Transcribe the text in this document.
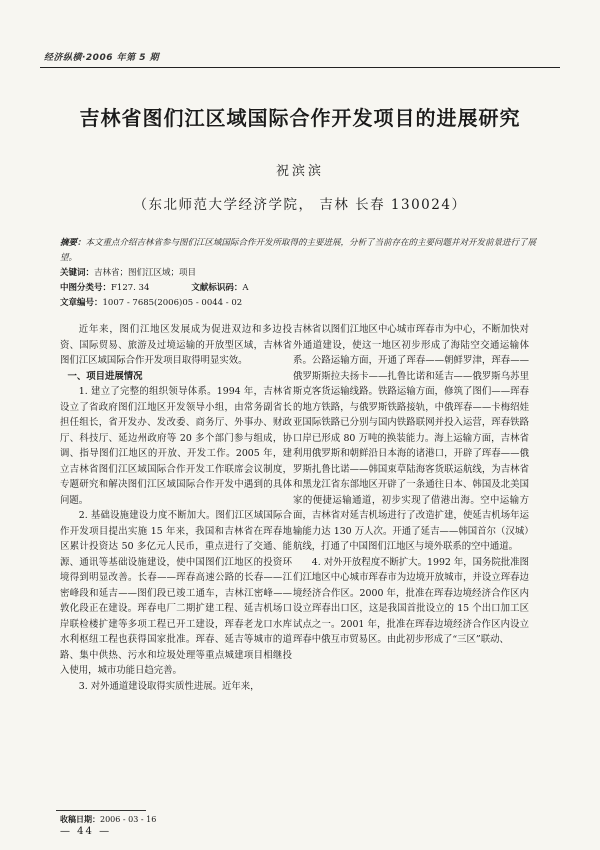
经济纵横·2006 年第 5 期
吉林省图们江区域国际合作开发项目的进展研究
祝滨滨
（东北师范大学经济学院， 吉林 长春 130024）
摘要：本文重点介绍吉林省参与图们江区域国际合作开发所取得的主要进展，分析了当前存在的主要问题并对开发前景进行了展望。
关键词：吉林省；图们江区域；项目
中图分类号：F127. 34	文献标识码：A
文章编号：1007 - 7685(2006)05 - 0044 - 02

近年来，图们江地区发展成为促进双边和多边投资、国际贸易、旅游及过境运输的开放型区域，吉林省图们江区域国际合作开发项目取得明显实效。

一、项目进展情况

1. 建立了完整的组织领导体系。1994 年，吉林省设立了省政府图们江地区开发领导小组，由常务副省长担任组长，省开发办、发改委、商务厅、外事办、财政厅、科技厅、延边州政府等 20 多个部门参与组成，协调、指导图们江地区的开放、开发工作。2005 年，建立吉林省图们江区域国际合作开发工作联席会议制度，专题研究和解决图们江区域国际合作开发中遇到的具体问题。

2. 基础设施建设力度不断加大。图们江区域国际合作开发项目提出实施 15 年来，我国和吉林省在珲春地区累计投资达 50 多亿元人民币，重点进行了交通、能源、通讯等基础设施建设，使中国图们江地区的投资环境得到明显改善。长春——珲春高速公路的长春——江密峰段和延吉——图们段已竣工通车，吉林江密峰——敦化段正在建设。珲春电厂二期扩建工程、延吉机场口岸联检楼扩建等多项工程已开工建设，珲春老龙口水库水利枢纽工程也获得国家批准。珲春、延吉等城市的道路、集中供热、污水和垃圾处理等重点城建项目相继投入使用，城市功能日趋完善。

3. 对外通道建设取得实质性进展。近年来，

吉林省以图们江地区中心城市珲春市为中心，不断加快对外通道建设，使这一地区初步形成了海陆空交通运输体系。公路运输方面，开通了珲春——朝鲜罗津，珲春——俄罗斯斯拉夫扬卡——扎鲁比诺和延吉——俄罗斯乌苏里斯克客货运输线路。铁路运输方面，修筑了图们——珲春的地方铁路，与俄罗斯铁路接轨，中俄珲春——卡梅绍娃亚国际铁路已分别与国内铁路联网并投入运营，珲春铁路口岸已形成 80 万吨的换装能力。海上运输方面，吉林省利用俄罗斯和朝鲜沿日本海的诸港口，开辟了珲春——俄罗斯扎鲁比诺——韩国束草陆海客货联运航线，为吉林省和黑龙江省东部地区开辟了一条通往日本、韩国及北美国家的便捷运输通道，初步实现了借港出海。空中运输方面，吉林省对延吉机场进行了改造扩建，使延吉机场年运输能力达 130 万人次。开通了延吉——韩国首尔（汉城）航线，打通了中国图们江地区与境外联系的空中通道。

4. 对外开放程度不断扩大。1992 年，国务院批准图们江地区中心城市珲春市为边境开放城市，并设立珲春边境经济合作区。2000 年，批准在珲春边境经济合作区内设立珲春出口区，这是我国首批设立的 15 个出口加工区试点之一。2001 年，批准在珲春边境经济合作区内设立珲春中俄互市贸易区。由此初步形成了“三区”联动、

收稿日期：2006 - 03 - 16
— 44 —
